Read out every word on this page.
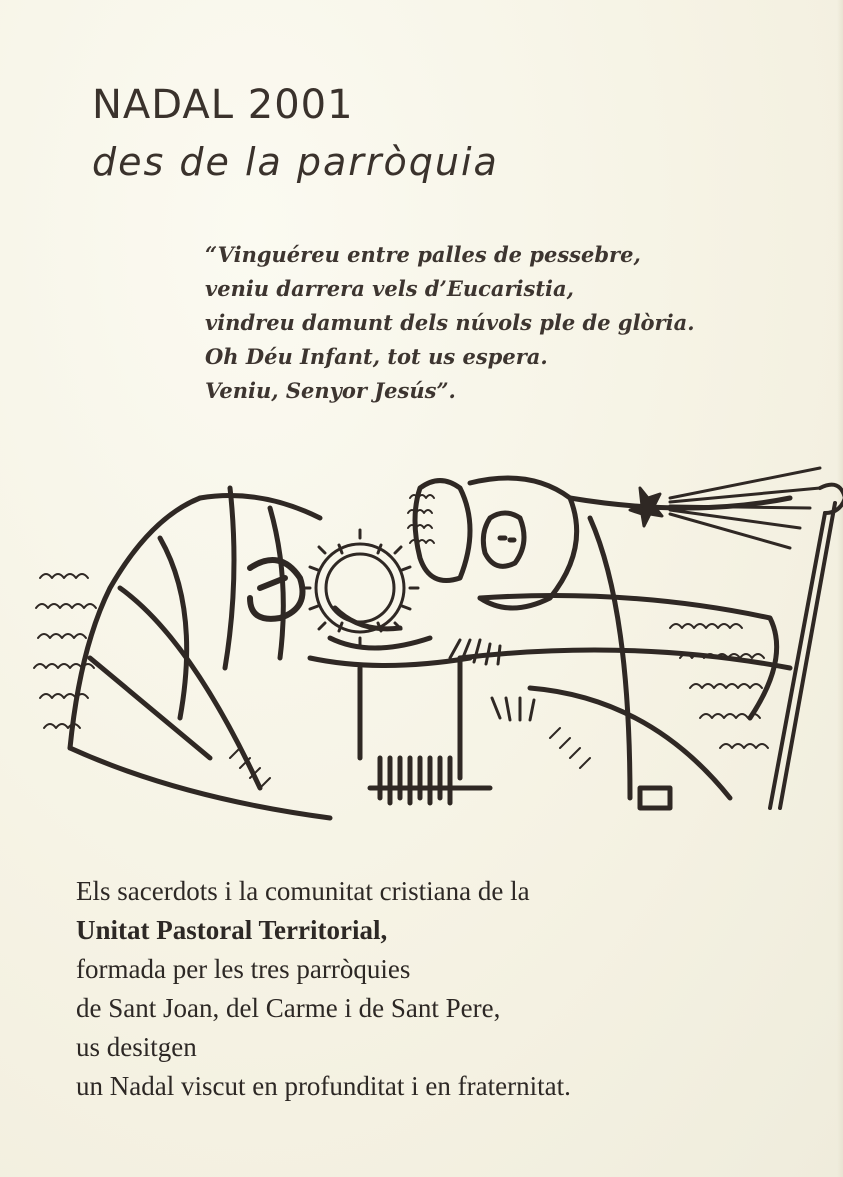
NADAL 2001
des de la parròquia
“Vinguéreu entre palles de pessebre,
veniu darrera vels d’Eucaristia,
vindreu damunt dels núvols ple de glòria.
Oh Déu Infant, tot us espera.
Veniu, Senyor Jesús”.
Els sacerdots i la comunitat cristiana de la
Unitat Pastoral Territorial,
formada per les tres parròquies
de Sant Joan, del Carme i de Sant Pere,
us desitgen
un Nadal viscut en profunditat i en fraternitat.
